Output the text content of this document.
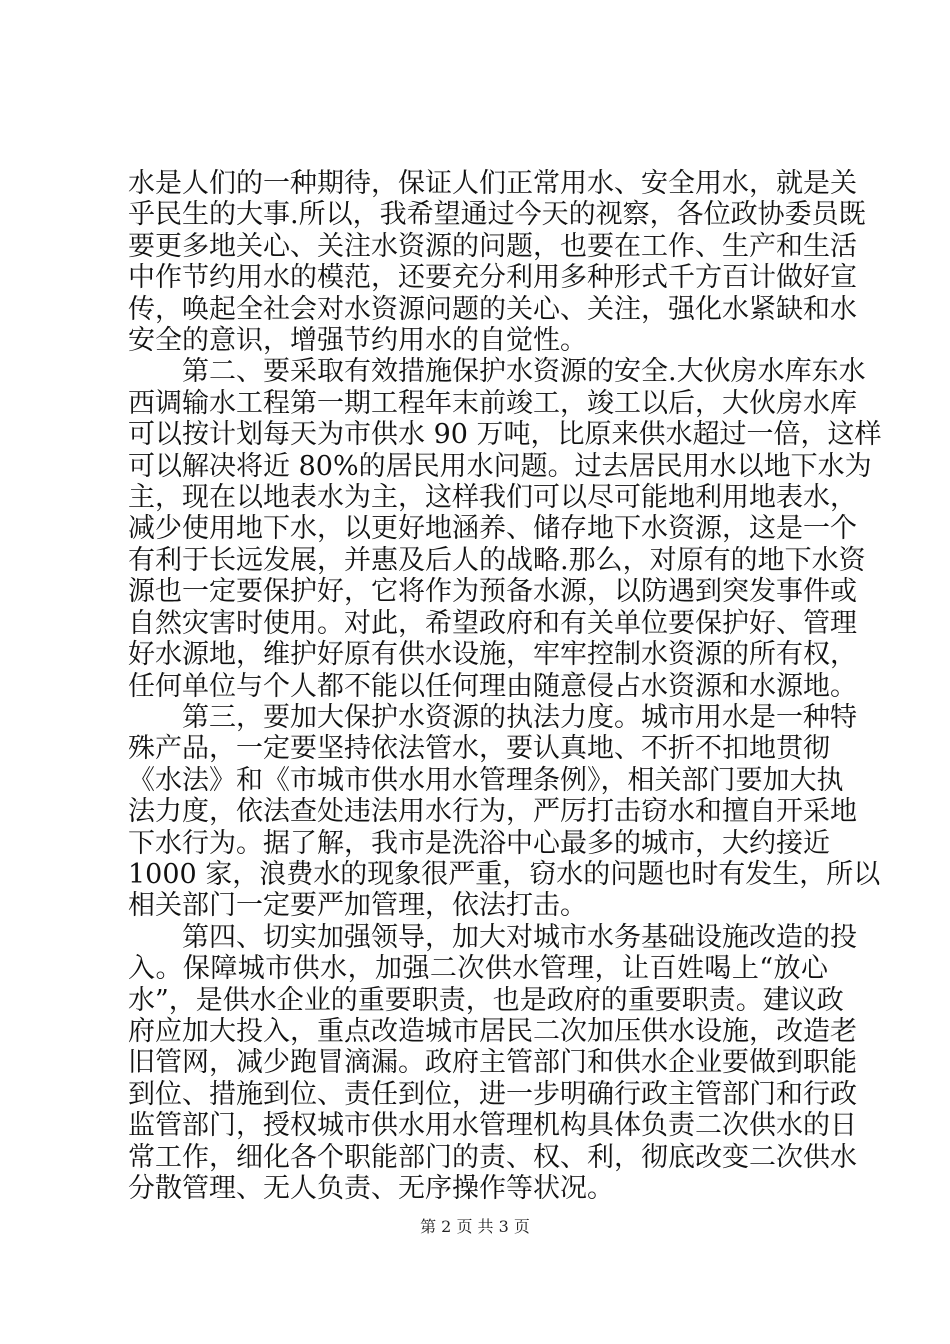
水是人们的一种期待，保证人们正常用水、安全用水，就是关
乎民生的大事.所以，我希望通过今天的视察，各位政协委员既
要更多地关心、关注水资源的问题，也要在工作、生产和生活
中作节约用水的模范，还要充分利用多种形式千方百计做好宣
传，唤起全社会对水资源问题的关心、关注，强化水紧缺和水
安全的意识，增强节约用水的自觉性。
第二、要采取有效措施保护水资源的安全.大伙房水库东水
西调输水工程第一期工程年末前竣工，竣工以后，大伙房水库
可以按计划每天为市供水 90 万吨，比原来供水超过一倍，这样
可以解决将近 80%的居民用水问题。过去居民用水以地下水为
主，现在以地表水为主，这样我们可以尽可能地利用地表水，
减少使用地下水，以更好地涵养、储存地下水资源，这是一个
有利于长远发展，并惠及后人的战略.那么，对原有的地下水资
源也一定要保护好，它将作为预备水源，以防遇到突发事件或
自然灾害时使用。对此，希望政府和有关单位要保护好、管理
好水源地，维护好原有供水设施，牢牢控制水资源的所有权，
任何单位与个人都不能以任何理由随意侵占水资源和水源地。
第三，要加大保护水资源的执法力度。城市用水是一种特
殊产品，一定要坚持依法管水，要认真地、不折不扣地贯彻
《水法》和《市城市供水用水管理条例》，相关部门要加大执
法力度，依法查处违法用水行为，严厉打击窃水和擅自开采地
下水行为。据了解，我市是洗浴中心最多的城市，大约接近
1000 家，浪费水的现象很严重，窃水的问题也时有发生，所以
相关部门一定要严加管理，依法打击。
第四、切实加强领导，加大对城市水务基础设施改造的投
入。保障城市供水，加强二次供水管理，让百姓喝上“放心
水”，是供水企业的重要职责，也是政府的重要职责。建议政
府应加大投入，重点改造城市居民二次加压供水设施，改造老
旧管网，减少跑冒滴漏。政府主管部门和供水企业要做到职能
到位、措施到位、责任到位，进一步明确行政主管部门和行政
监管部门，授权城市供水用水管理机构具体负责二次供水的日
常工作，细化各个职能部门的责、权、利，彻底改变二次供水
分散管理、无人负责、无序操作等状况。
第 2 页 共 3 页
